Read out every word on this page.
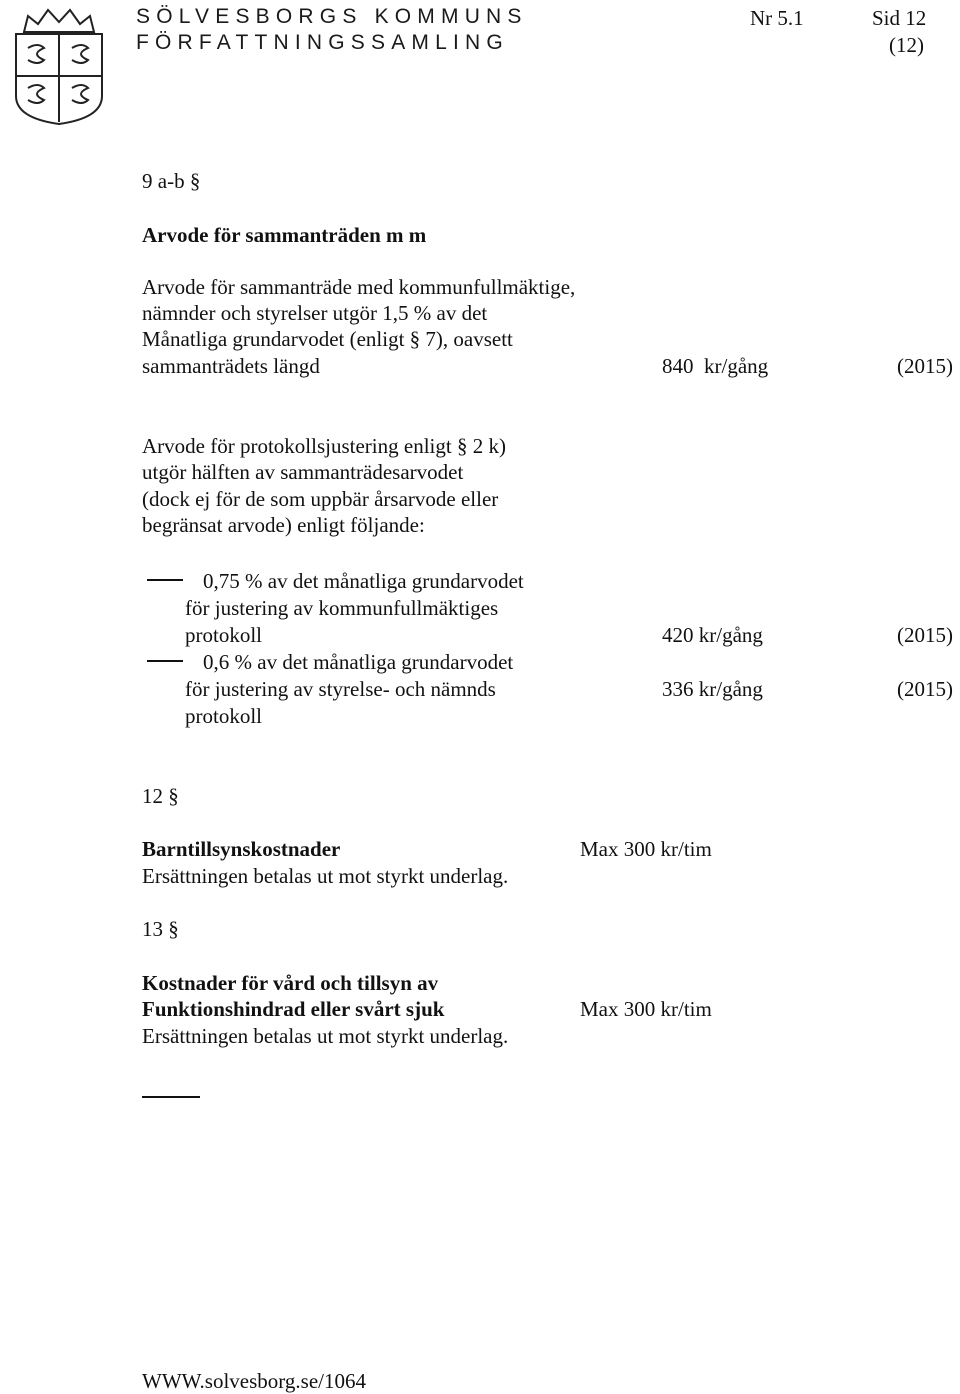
SÖLVESBORGS KOMMUNS
FÖRFATTNINGSSAMLING
Nr 5.1	Sid 12
(12)
9 a-b §
Arvode för sammanträden m m
Arvode för sammanträde med kommunfullmäktige,
nämnder och styrelser utgör 1,5 % av det
Månatliga grundarvodet (enligt § 7), oavsett
sammanträdets längd	840  kr/gång	(2015)
Arvode för protokollsjustering enligt § 2 k)
utgör hälften av sammanträdesarvodet
(dock ej för de som uppbär årsarvode eller
begränsat arvode) enligt följande:
0,75 % av det månatliga grundarvodet
för justering av kommunfullmäktiges
protokoll	420 kr/gång	(2015)
0,6 % av det månatliga grundarvodet
för justering av styrelse- och nämnds	336 kr/gång	(2015)
protokoll
12 §
Barntillsynskostnader	Max 300 kr/tim
Ersättningen betalas ut mot styrkt underlag.
13 §
Kostnader för vård och tillsyn av
Funktionshindrad eller svårt sjuk	Max 300 kr/tim
Ersättningen betalas ut mot styrkt underlag.
WWW.solvesborg.se/1064
